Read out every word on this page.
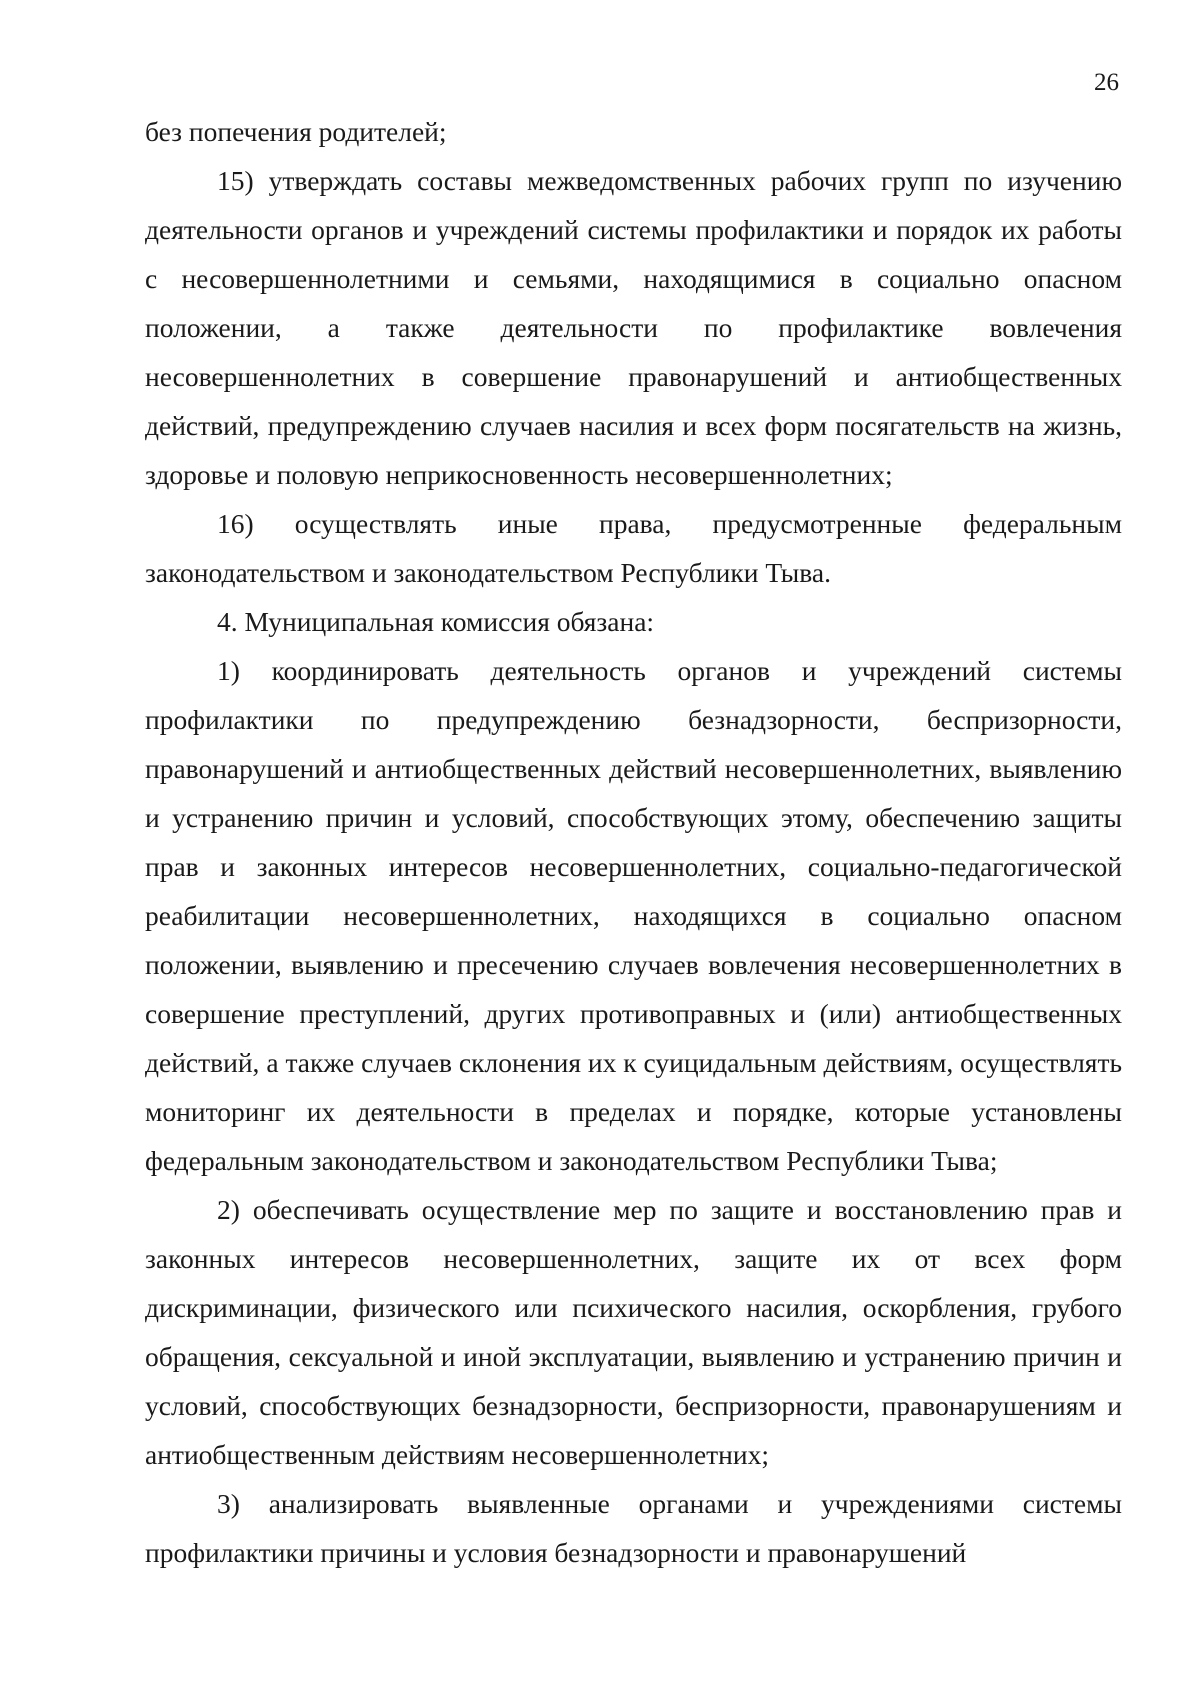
26

без попечения родителей;

15) утверждать составы межведомственных рабочих групп по изучению деятельности органов и учреждений системы профилактики и порядок их работы с несовершеннолетними и семьями, находящимися в социально опасном положении, а также деятельности по профилактике вовлечения несовершеннолетних в совершение правонарушений и антиобщественных действий, предупреждению случаев насилия и всех форм посягательств на жизнь, здоровье и половую неприкосновенность несовершеннолетних;

16) осуществлять иные права, предусмотренные федеральным законодательством и законодательством Республики Тыва.

4. Муниципальная комиссия обязана:

1) координировать деятельность органов и учреждений системы профилактики по предупреждению безнадзорности, беспризорности, правонарушений и антиобщественных действий несовершеннолетних, выявлению и устранению причин и условий, способствующих этому, обеспечению защиты прав и законных интересов несовершеннолетних, социально-педагогической реабилитации несовершеннолетних, находящихся в социально опасном положении, выявлению и пресечению случаев вовлечения несовершеннолетних в совершение преступлений, других противоправных и (или) антиобщественных действий, а также случаев склонения их к суицидальным действиям, осуществлять мониторинг их деятельности в пределах и порядке, которые установлены федеральным законодательством и законодательством Республики Тыва;

2) обеспечивать осуществление мер по защите и восстановлению прав и законных интересов несовершеннолетних, защите их от всех форм дискриминации, физического или психического насилия, оскорбления, грубого обращения, сексуальной и иной эксплуатации, выявлению и устранению причин и условий, способствующих безнадзорности, беспризорности, правонарушениям и антиобщественным действиям несовершеннолетних;

3) анализировать выявленные органами и учреждениями системы профилактики причины и условия безнадзорности и правонарушений
